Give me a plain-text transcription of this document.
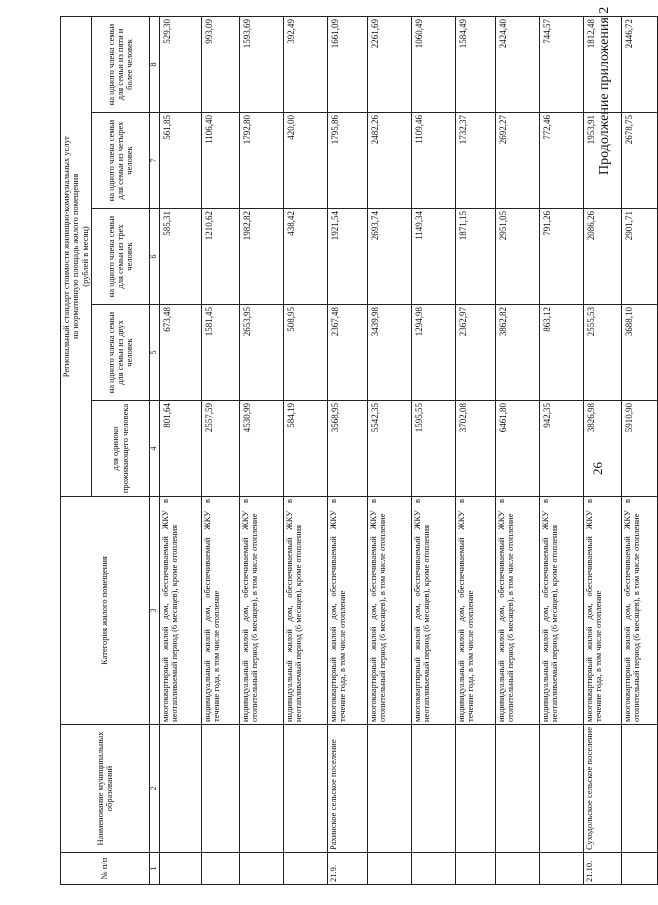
26
Продолжение приложения 2
№ п/п	Наименование муниципальных образований	Категория жилого помещения	Региональный стандарт стоимости жилищно-коммунальных услуг на нормативную площадь жилого помещения (рублей в месяц)				

			для одиноко проживающего человека	на одного члена семьи для семьи из двух человек	на одного члена семьи для семьи из трех человек	на одного члена семьи для семьи из четырех человек	на одного члена семьи для семьи из пяти и более человек

1	2	3	4	5	6	7	8
		многоквартирный жилой дом, обеспечиваемый ЖКУ в неотапливаемый период (6 месяцев), кроме отопления	801,64	673,48	585,31	561,85	529,30
		индивидуальный жилой дом, обеспечиваемый ЖКУ в течение года, в том числе отопление	2557,59	1581,45	1210,62	1106,40	993,09
		индивидуальный жилой дом, обеспечиваемый ЖКУ в отопительный период (6 месяцев), в том числе отопление	4530,99	2653,95	1982,82	1792,80	1593,69
		индивидуальный жилой дом, обеспечиваемый ЖКУ в неотапливаемый период (6 месяцев), кроме отопления	584,19	508,95	438,42	420,00	392,49
21.9.	Рахинское сельское поселение	многоквартирный жилой дом, обеспечиваемый ЖКУ в течение года, в том числе отопление	3568,95	2367,48	1921,54	1795,86	1661,09
		многоквартирный жилой дом, обеспечиваемый ЖКУ в отопительный период (6 месяцев), в том числе отопление	5542,35	3439,98	2693,74	2482,26	2261,69
		многоквартирный жилой дом, обеспечиваемый ЖКУ в неотапливаемый период (6 месяцев), кроме отопления	1595,55	1294,98	1149,34	1109,46	1060,49
		индивидуальный жилой дом, обеспечиваемый ЖКУ в течение года, в том числе отопление	3702,08	2362,97	1871,15	1732,37	1584,49
		индивидуальный жилой дом, обеспечиваемый ЖКУ в отопительный период (6 месяцев), в том числе отопление	6461,80	3862,82	2951,05	2692,27	2424,40
		индивидуальный жилой дом, обеспечиваемый ЖКУ в неотапливаемый период (6 месяцев), кроме отопления	942,35	863,12	791,26	772,46	744,57
21.10.	Суходольское сельское поселение	многоквартирный жилой дом, обеспечиваемый ЖКУ в течение года, в том числе отопление	3826,98	2555,53	2086,26	1953,91	1812,48
		многоквартирный жилой дом, обеспечиваемый ЖКУ в отопительный период (6 месяцев), в том числе отопление	5910,90	3688,10	2901,71	2678,75	2446,72
